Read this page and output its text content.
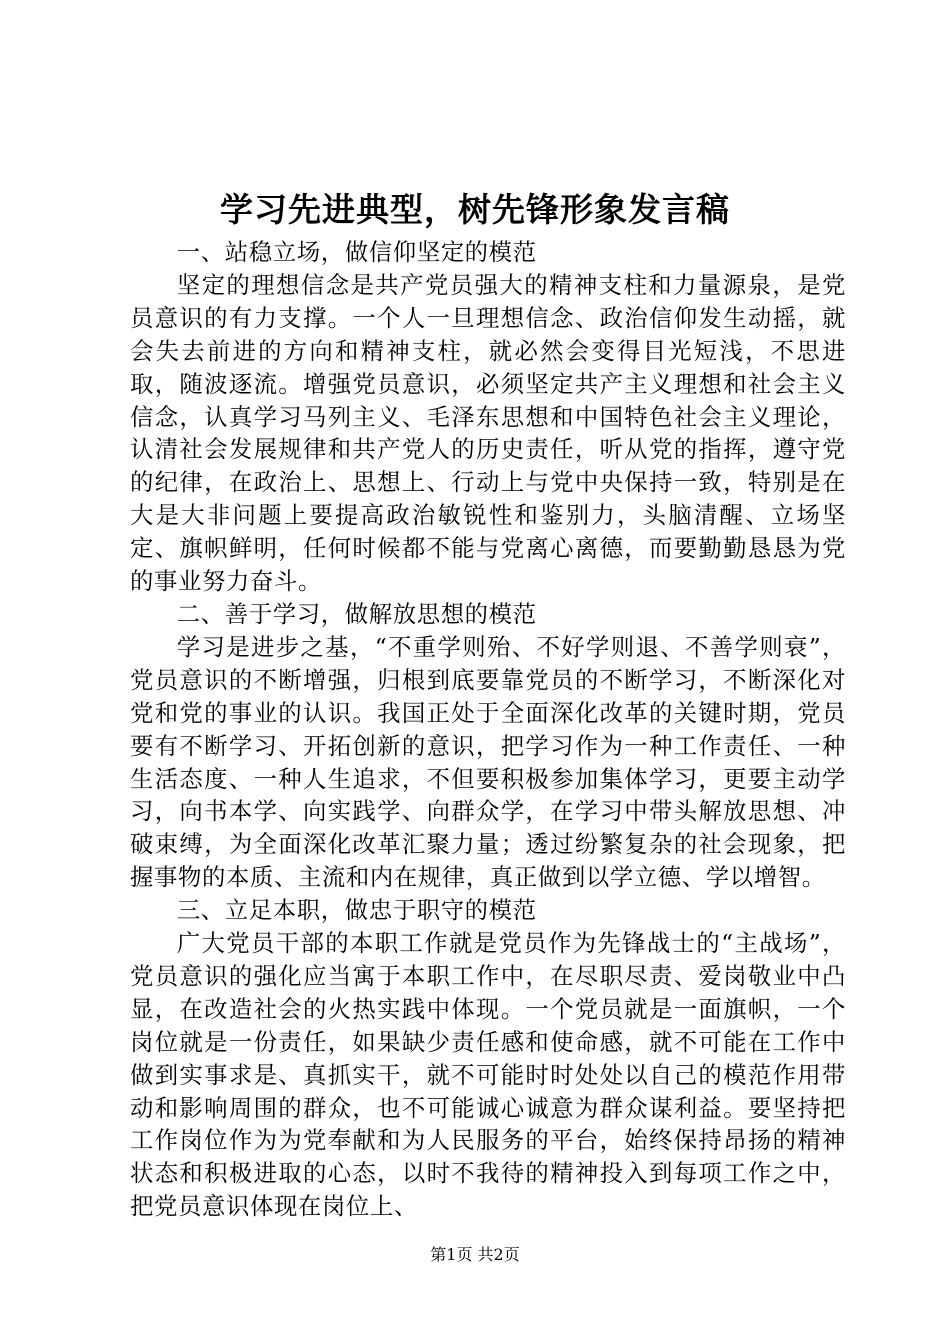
学习先进典型，树先锋形象发言稿

一、站稳立场，做信仰坚定的模范

坚定的理想信念是共产党员强大的精神支柱和力量源泉，是党员意识的有力支撑。一个人一旦理想信念、政治信仰发生动摇，就会失去前进的方向和精神支柱，就必然会变得目光短浅，不思进取，随波逐流。增强党员意识，必须坚定共产主义理想和社会主义信念，认真学习马列主义、毛泽东思想和中国特色社会主义理论，认清社会发展规律和共产党人的历史责任，听从党的指挥，遵守党的纪律，在政治上、思想上、行动上与党中央保持一致，特别是在大是大非问题上要提高政治敏锐性和鉴别力，头脑清醒、立场坚定、旗帜鲜明，任何时候都不能与党离心离德，而要勤勤恳恳为党的事业努力奋斗。

二、善于学习，做解放思想的模范

学习是进步之基，“不重学则殆、不好学则退、不善学则衰”，党员意识的不断增强，归根到底要靠党员的不断学习，不断深化对党和党的事业的认识。我国正处于全面深化改革的关键时期，党员要有不断学习、开拓创新的意识，把学习作为一种工作责任、一种生活态度、一种人生追求，不但要积极参加集体学习，更要主动学习，向书本学、向实践学、向群众学，在学习中带头解放思想、冲破束缚，为全面深化改革汇聚力量；透过纷繁复杂的社会现象，把握事物的本质、主流和内在规律，真正做到以学立德、学以增智。

三、立足本职，做忠于职守的模范

广大党员干部的本职工作就是党员作为先锋战士的“主战场”，党员意识的强化应当寓于本职工作中，在尽职尽责、爱岗敬业中凸显，在改造社会的火热实践中体现。一个党员就是一面旗帜，一个岗位就是一份责任，如果缺少责任感和使命感，就不可能在工作中做到实事求是、真抓实干，就不可能时时处处以自己的模范作用带动和影响周围的群众，也不可能诚心诚意为群众谋利益。要坚持把工作岗位作为为党奉献和为人民服务的平台，始终保持昂扬的精神状态和积极进取的心态，以时不我待的精神投入到每项工作之中，把党员意识体现在岗位上、

第1页 共2页
